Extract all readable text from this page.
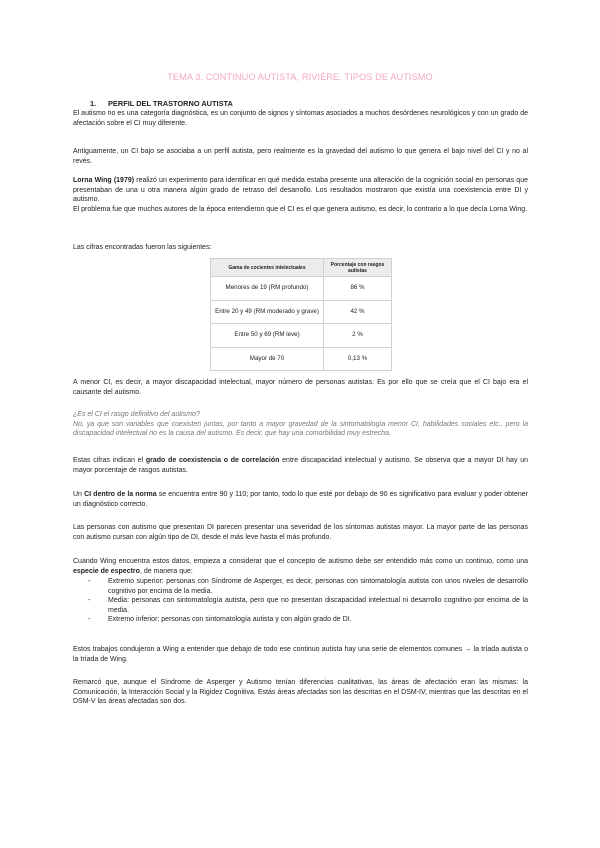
TEMA 3. CONTINUO AUTISTA, RIVIÈRE. TIPOS DE AUTISMO
1. PERFIL DEL TRASTORNO AUTISTA

El autismo no es una categoría diagnóstica, es un conjunto de signos y síntomas asociados a muchos desórdenes neurológicos y con un grado de afectación sobre el CI muy diferente.

Antiguamente, un CI bajo se asociaba a un perfil autista, pero realmente es la gravedad del autismo lo que genera el bajo nivel del CI y no al revés.

Lorna Wing (1979) realizó un experimento para identificar en qué medida estaba presente una alteración de la cognición social en personas que presentaban de una u otra manera algún grado de retraso del desarrollo. Los resultados mostraron que existía una coexistencia entre DI y autismo.

El problema fue que muchos autores de la época entendieron que el CI es el que genera autismo, es decir, lo contrario a lo que decía Lorna Wing.

Las cifras encontradas fueron las siguientes:

Gama de cocientes intelectuales	Porcentaje con rasgos autistas
Menores de 19 (RM profundo)	86 %
Entre 20 y 49 (RM moderado y grave)	42 %
Entre 50 y 69 (RM leve)	2 %
Mayor de 70	0,13 %

A menor CI, es decir, a mayor discapacidad intelectual, mayor número de personas autistas. Es por ello que se creía que el CI bajo era el causante del autismo.

¿Es el CI el rasgo definitivo del autismo?

No, ya que son variables que coexisten juntas, por tanto a mayor gravedad de la sintomatología menor CI, habilidades sociales etc., pero la discapacidad intelectual no es la causa del autismo. Es decir, que hay una comorbilidad muy estrecha.

Estas cifras indican el grado de coexistencia o de correlación entre discapacidad intelectual y autismo. Se observa que a mayor DI hay un mayor porcentaje de rasgos autistas.

Un CI dentro de la norma se encuentra entre 90 y 110; por tanto, todo lo que esté por debajo de 90 es significativo para evaluar y poder obtener un diagnóstico correcto.

Las personas con autismo que presentan DI parecen presentar una severidad de los síntomas autistas mayor. La mayor parte de las personas con autismo cursan con algún tipo de DI, desde el más leve hasta el más profundo.

Cuando Wing encuentra estos datos, empieza a considerar que el concepto de autismo debe ser entendido más como un continuo, como una especie de espectro, de manera que:

- Extremo superior: personas con Síndrome de Asperger, es decir, personas con sintomatología autista con unos niveles de desarrollo cognitivo por encima de la media.
- Media: personas con sintomatología autista, pero que no presentan discapacidad intelectual ni desarrollo cognitivo por encima de la media.
- Extremo inferior: personas con sintomatología autista y con algún grado de DI.

Estos trabajos condujeron a Wing a entender que debajo de todo ese continuo autista hay una serie de elementos comunes → la tríada autista o la tríada de Wing.

Remarcó que, aunque el Síndrome de Asperger y Autismo tenían diferencias cualitativas, las áreas de afectación eran las mismas: la Comunicación, la Interacción Social y la Rigidez Cognitiva. Estás áreas afectadas son las descritas en el DSM-IV, mientras que las descritas en el DSM-V las áreas afectadas son dos.
